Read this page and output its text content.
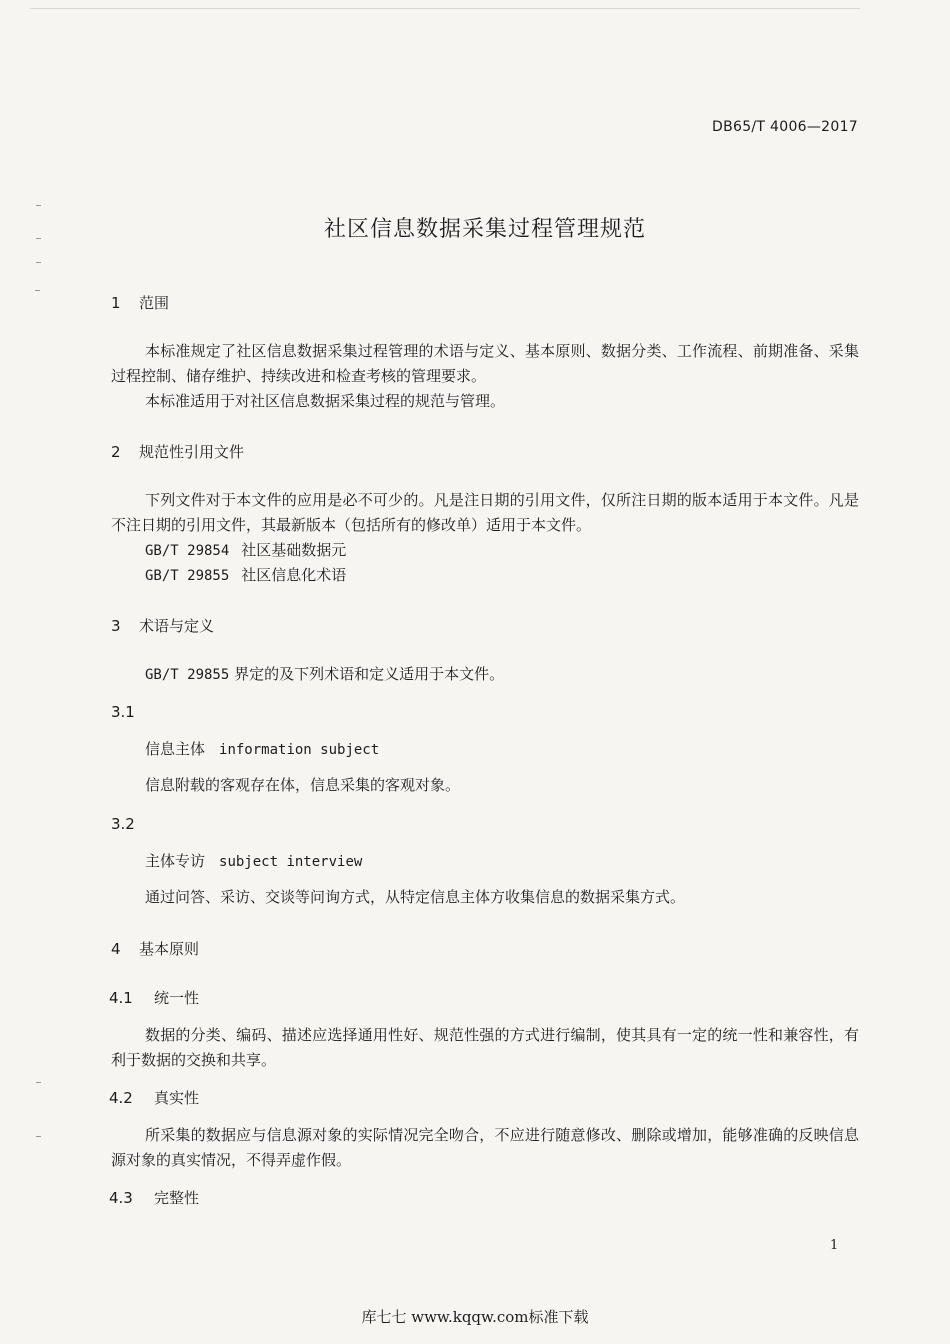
DB65/T 4006—2017
社区信息数据采集过程管理规范
1 范围
本标准规定了社区信息数据采集过程管理的术语与定义、基本原则、数据分类、工作流程、前期准备、采集过程控制、储存维护、持续改进和检查考核的管理要求。
本标准适用于对社区信息数据采集过程的规范与管理。
2 规范性引用文件
下列文件对于本文件的应用是必不可少的。凡是注日期的引用文件，仅所注日期的版本适用于本文件。凡是不注日期的引用文件，其最新版本（包括所有的修改单）适用于本文件。
GB/T 29854 社区基础数据元
GB/T 29855 社区信息化术语
3 术语与定义
GB/T 29855 界定的及下列术语和定义适用于本文件。
3.1
信息主体 information subject
信息附载的客观存在体，信息采集的客观对象。
3.2
主体专访 subject interview
通过问答、采访、交谈等问询方式，从特定信息主体方收集信息的数据采集方式。
4 基本原则
4.1 统一性
数据的分类、编码、描述应选择通用性好、规范性强的方式进行编制，使其具有一定的统一性和兼容性，有利于数据的交换和共享。
4.2 真实性
所采集的数据应与信息源对象的实际情况完全吻合，不应进行随意修改、删除或增加，能够准确的反映信息源对象的真实情况，不得弄虚作假。
4.3 完整性
1
库七七 www.kqqw.com标准下载
